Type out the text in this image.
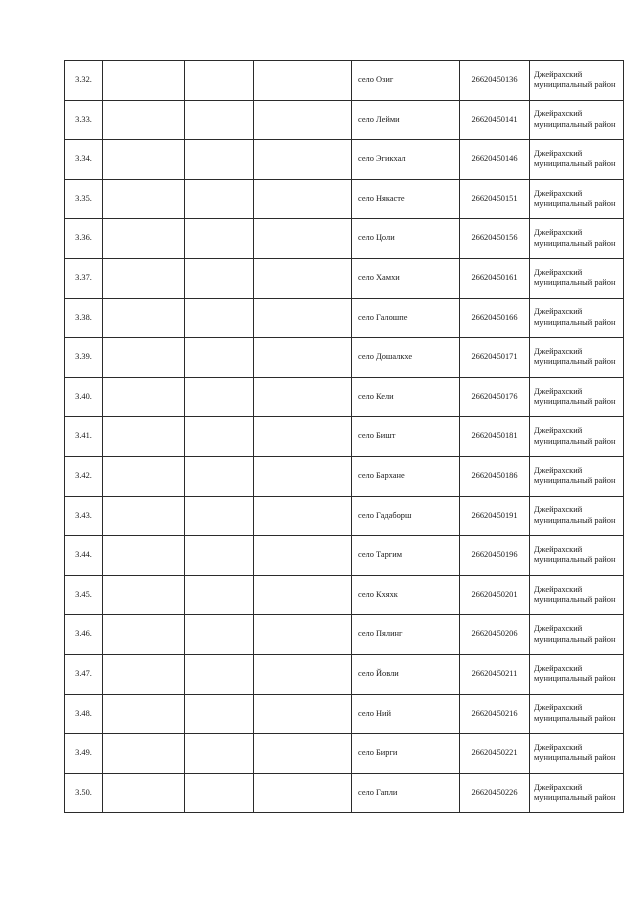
3.32.				село Озиг	26620450136	Джейрахский муниципальный район
3.33.				село Лейми	26620450141	Джейрахский муниципальный район
3.34.				село Эгикхал	26620450146	Джейрахский муниципальный район
3.35.				село Някасте	26620450151	Джейрахский муниципальный район
3.36.				село Цоли	26620450156	Джейрахский муниципальный район
3.37.				село Хамхи	26620450161	Джейрахский муниципальный район
3.38.				село Галошпе	26620450166	Джейрахский муниципальный район
3.39.				село Дошалкхе	26620450171	Джейрахский муниципальный район
3.40.				село Кели	26620450176	Джейрахский муниципальный район
3.41.				село Бишт	26620450181	Джейрахский муниципальный район
3.42.				село Бархане	26620450186	Джейрахский муниципальный район
3.43.				село Гадаборш	26620450191	Джейрахский муниципальный район
3.44.				село Таргим	26620450196	Джейрахский муниципальный район
3.45.				село Кхяхк	26620450201	Джейрахский муниципальный район
3.46.				село Пялинг	26620450206	Джейрахский муниципальный район
3.47.				село Йовли	26620450211	Джейрахский муниципальный район
3.48.				село Ний	26620450216	Джейрахский муниципальный район
3.49.				село Бирги	26620450221	Джейрахский муниципальный район
3.50.				село Гапли	26620450226	Джейрахский муниципальный район
